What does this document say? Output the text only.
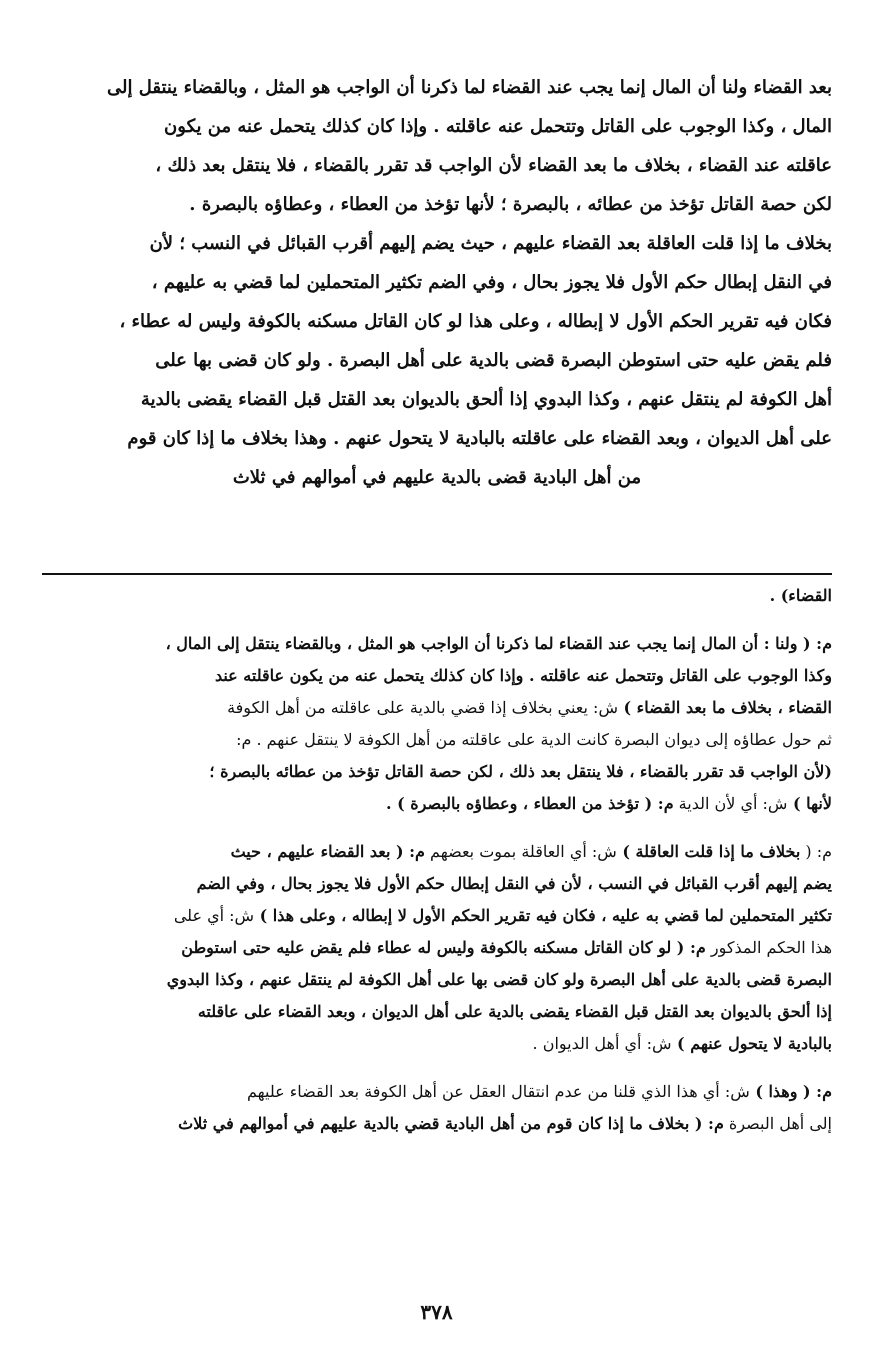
بعد القضاء ولنا أن المال إنما يجب عند القضاء لما ذكرنا أن الواجب هو المثل ، وبالقضاء ينتقل إلى
المال ، وكذا الوجوب على القاتل وتتحمل عنه عاقلته . وإذا كان كذلك يتحمل عنه من يكون
عاقلته عند القضاء ، بخلاف ما بعد القضاء لأن الواجب قد تقرر بالقضاء ، فلا ينتقل بعد ذلك ،
لكن حصة القاتل تؤخذ من عطائه ، بالبصرة ؛ لأنها تؤخذ من العطاء ، وعطاؤه بالبصرة .
بخلاف ما إذا قلت العاقلة بعد القضاء عليهم ، حيث يضم إليهم أقرب القبائل في النسب ؛ لأن
في النقل إبطال حكم الأول فلا يجوز بحال ، وفي الضم تكثير المتحملين لما قضي به عليهم ،
فكان فيه تقرير الحكم الأول لا إبطاله ، وعلى هذا لو كان القاتل مسكنه بالكوفة وليس له عطاء ،
فلم يقض عليه حتى استوطن البصرة قضى بالدية على أهل البصرة . ولو كان قضى بها على
أهل الكوفة لم ينتقل عنهم ، وكذا البدوي إذا ألحق بالديوان بعد القتل قبل القضاء يقضى بالدية
على أهل الديوان ، وبعد القضاء على عاقلته بالبادية لا يتحول عنهم . وهذا بخلاف ما إذا كان قوم
من أهل البادية قضى بالدية عليهم في أموالهم في ثلاث
القضاء) .
م: ( ولنا : أن المال إنما يجب عند القضاء لما ذكرنا أن الواجب هو المثل ، وبالقضاء ينتقل إلى المال ،
وكذا الوجوب على القاتل وتتحمل عنه عاقلته . وإذا كان كذلك يتحمل عنه من يكون عاقلته عند
القضاء ، بخلاف ما بعد القضاء ) ش: يعني بخلاف إذا قضي بالدية على عاقلته من أهل الكوفة
ثم حول عطاؤه إلى ديوان البصرة كانت الدية على عاقلته من أهل الكوفة لا ينتقل عنهم . م:
(لأن الواجب قد تقرر بالقضاء ، فلا ينتقل بعد ذلك ، لكن حصة القاتل تؤخذ من عطائه بالبصرة ؛
لأنها ) ش: أي لأن الدية م: ( تؤخذ من العطاء ، وعطاؤه بالبصرة ) .
م: ( بخلاف ما إذا قلت العاقلة ) ش: أي العاقلة بموت بعضهم م: ( بعد القضاء عليهم ، حيث
يضم إليهم أقرب القبائل في النسب ، لأن في النقل إبطال حكم الأول فلا يجوز بحال ، وفي الضم
تكثير المتحملين لما قضي به عليه ، فكان فيه تقرير الحكم الأول لا إبطاله ، وعلى هذا ) ش: أي على
هذا الحكم المذكور م: ( لو كان القاتل مسكنه بالكوفة وليس له عطاء فلم يقض عليه حتى استوطن
البصرة قضى بالدية على أهل البصرة ولو كان قضى بها على أهل الكوفة لم ينتقل عنهم ، وكذا البدوي
إذا ألحق بالديوان بعد القتل قبل القضاء يقضى بالدية على أهل الديوان ، وبعد القضاء على عاقلته
بالبادية لا يتحول عنهم ) ش: أي أهل الديوان .
م: ( وهذا ) ش: أي هذا الذي قلنا من عدم انتقال العقل عن أهل الكوفة بعد القضاء عليهم
إلى أهل البصرة م: ( بخلاف ما إذا كان قوم من أهل البادية قضي بالدية عليهم في أموالهم في ثلاث
٣٧٨
